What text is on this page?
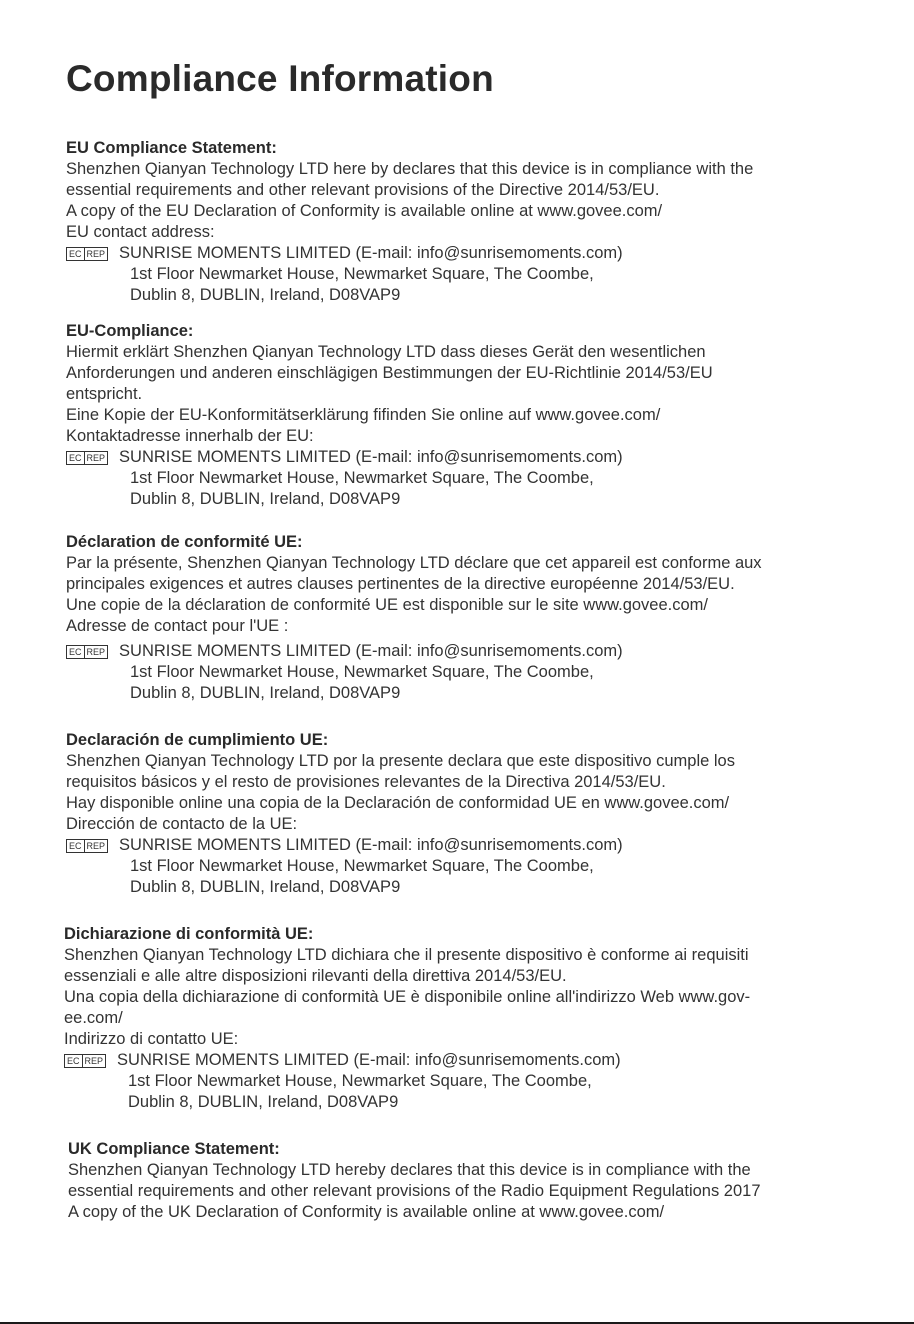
Compliance Information
EU Compliance Statement:
Shenzhen Qianyan Technology LTD here by declares that this device is in compliance with the
essential requirements and other relevant provisions of the Directive 2014/53/EU.
A copy of the EU Declaration of Conformity is available online at www.govee.com/
EU contact address:
EC REP SUNRISE MOMENTS LIMITED (E-mail: info@sunrisemoments.com)
1st Floor Newmarket House, Newmarket Square, The Coombe,
Dublin 8, DUBLIN, Ireland, D08VAP9
EU-Compliance:
Hiermit erklärt Shenzhen Qianyan Technology LTD dass dieses Gerät den wesentlichen
Anforderungen und anderen einschlägigen Bestimmungen der EU-Richtlinie 2014/53/EU
entspricht.
Eine Kopie der EU-Konformitätserklärung fifinden Sie online auf www.govee.com/
Kontaktadresse innerhalb der EU:
EC REP SUNRISE MOMENTS LIMITED (E-mail: info@sunrisemoments.com)
1st Floor Newmarket House, Newmarket Square, The Coombe,
Dublin 8, DUBLIN, Ireland, D08VAP9
Déclaration de conformité UE:
Par la présente, Shenzhen Qianyan Technology LTD déclare que cet appareil est conforme aux
principales exigences et autres clauses pertinentes de la directive européenne 2014/53/EU.
Une copie de la déclaration de conformité UE est disponible sur le site www.govee.com/
Adresse de contact pour l'UE :
EC REP SUNRISE MOMENTS LIMITED (E-mail: info@sunrisemoments.com)
1st Floor Newmarket House, Newmarket Square, The Coombe,
Dublin 8, DUBLIN, Ireland, D08VAP9
Declaración de cumplimiento UE:
Shenzhen Qianyan Technology LTD por la presente declara que este dispositivo cumple los
requisitos básicos y el resto de provisiones relevantes de la Directiva 2014/53/EU.
Hay disponible online una copia de la Declaración de conformidad UE en www.govee.com/
Dirección de contacto de la UE:
EC REP SUNRISE MOMENTS LIMITED (E-mail: info@sunrisemoments.com)
1st Floor Newmarket House, Newmarket Square, The Coombe,
Dublin 8, DUBLIN, Ireland, D08VAP9
Dichiarazione di conformità UE:
Shenzhen Qianyan Technology LTD dichiara che il presente dispositivo è conforme ai requisiti
essenziali e alle altre disposizioni rilevanti della direttiva 2014/53/EU.
Una copia della dichiarazione di conformità UE è disponibile online all'indirizzo Web www.gov-
ee.com/
Indirizzo di contatto UE:
EC REP SUNRISE MOMENTS LIMITED (E-mail: info@sunrisemoments.com)
1st Floor Newmarket House, Newmarket Square, The Coombe,
Dublin 8, DUBLIN, Ireland, D08VAP9
UK Compliance Statement:
Shenzhen Qianyan Technology LTD hereby declares that this device is in compliance with the
essential requirements and other relevant provisions of the Radio Equipment Regulations 2017
A copy of the UK Declaration of Conformity is available online at www.govee.com/
